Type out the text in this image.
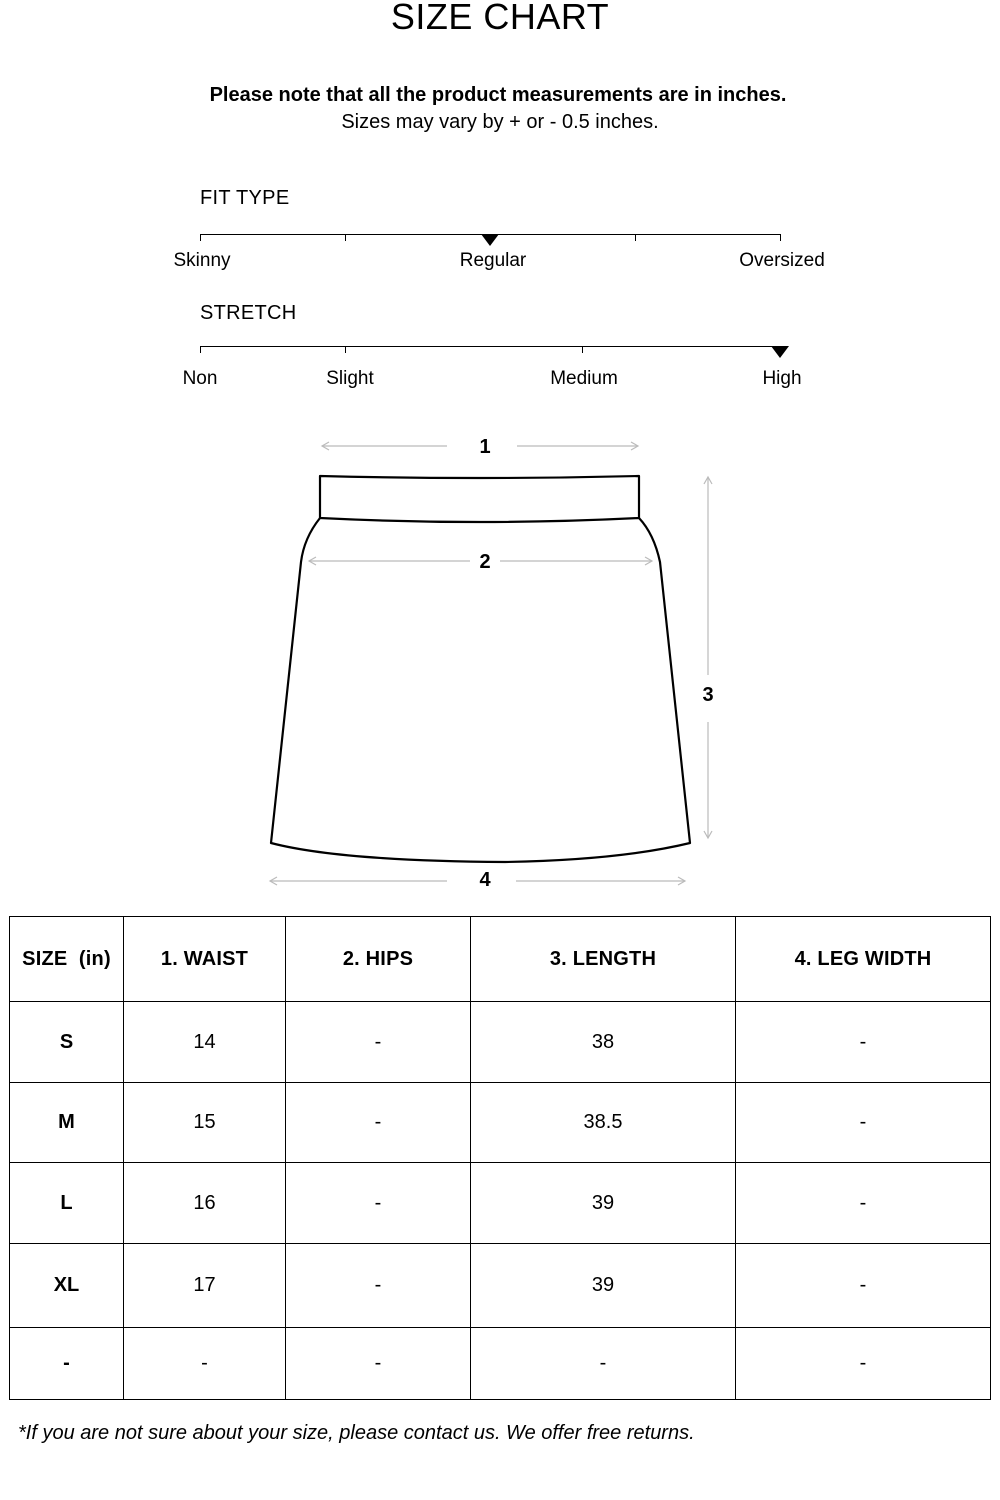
SIZE CHART
Please note that all the product measurements are in inches.
Sizes may vary by + or - 0.5 inches.
FIT TYPE
Skinny	Regular	Oversized
STRETCH
Non	Slight	Medium	High
1
2
3
4
SIZE  (in)	1. WAIST	2. HIPS	3. LENGTH	4. LEG WIDTH
S	14	-	38	-
M	15	-	38.5	-
L	16	-	39	-
XL	17	-	39	-
-	-	-	-	-
*If you are not sure about your size, please contact us. We offer free returns.
